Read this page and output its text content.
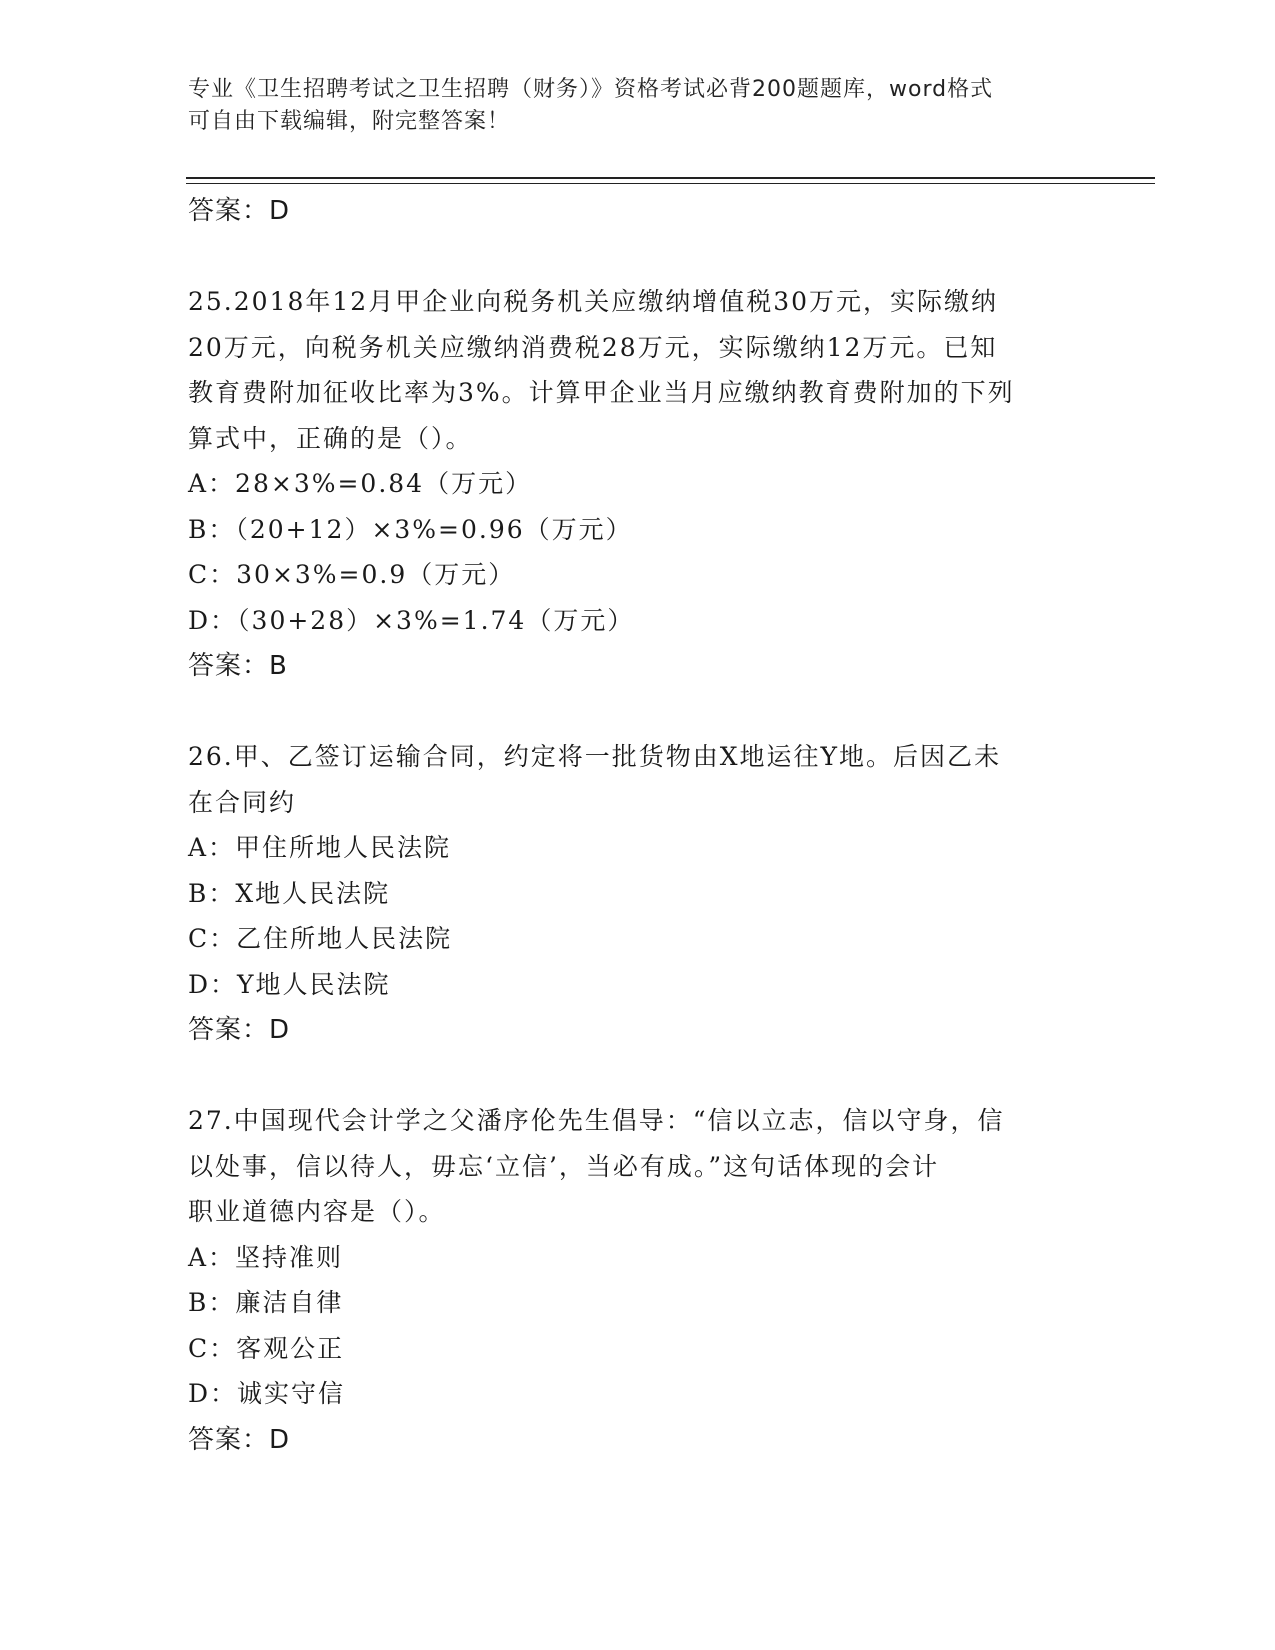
专业《卫生招聘考试之卫生招聘（财务）》资格考试必背200题题库，word格式
可自由下载编辑，附完整答案！
答案：D
25.2018年12月甲企业向税务机关应缴纳增值税30万元，实际缴纳
20万元，向税务机关应缴纳消费税28万元，实际缴纳12万元。已知
教育费附加征收比率为3%。计算甲企业当月应缴纳教育费附加的下列
算式中，正确的是（）。
A：28×3%=0.84（万元）
B：（20+12）×3%=0.96（万元）
C：30×3%=0.9（万元）
D：（30+28）×3%=1.74（万元）
答案：B
26.甲、乙签订运输合同，约定将一批货物由X地运往Y地。后因乙未
在合同约
A：甲住所地人民法院
B：X地人民法院
C：乙住所地人民法院
D：Y地人民法院
答案：D
27.中国现代会计学之父潘序伦先生倡导：“信以立志，信以守身，信
以处事，信以待人，毋忘‘立信’，当必有成。”这句话体现的会计
职业道德内容是（）。
A：坚持准则
B：廉洁自律
C：客观公正
D：诚实守信
答案：D
